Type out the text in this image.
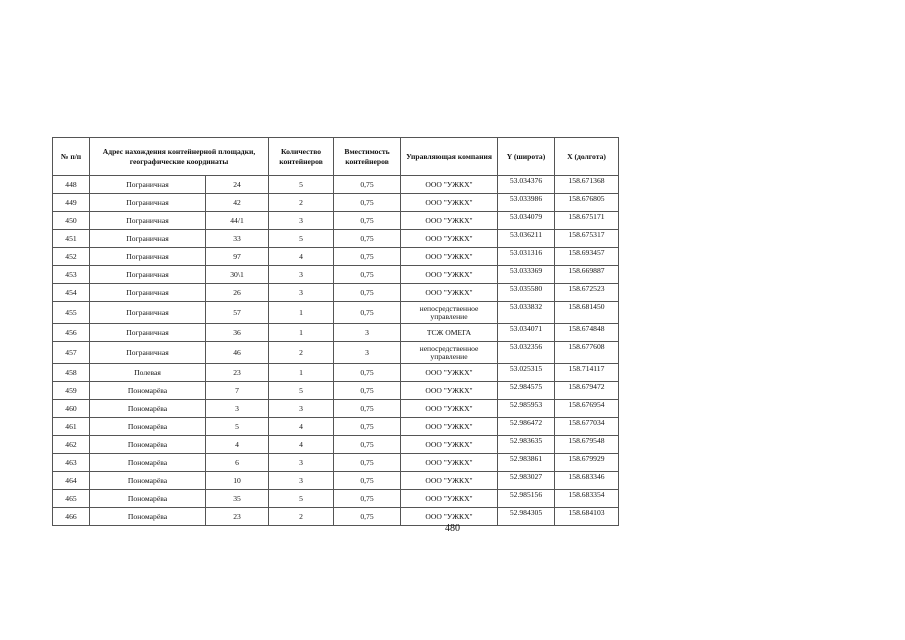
№ п/п	Адрес нахождения контейнерной площадки, географические координаты		Количество контейнеров	Вместимость контейнеров	Управляющая компания	Y (широта)	X (долгота)
448	Пограничная	24	5	0,75	ООО "УЖКХ"	53.034376	158.671368
449	Пограничная	42	2	0,75	ООО "УЖКХ"	53.033986	158.676805
450	Пограничная	44/1	3	0,75	ООО "УЖКХ"	53.034079	158.675171
451	Пограничная	33	5	0,75	ООО "УЖКХ"	53.036211	158.675317
452	Пограничная	97	4	0,75	ООО "УЖКХ"	53.031316	158.693457
453	Пограничная	30\1	3	0,75	ООО "УЖКХ"	53.033369	158.669887
454	Пограничная	26	3	0,75	ООО "УЖКХ"	53.035580	158.672523
455	Пограничная	57	1	0,75	непосредственное управление	53.033832	158.681450
456	Пограничная	36	1	3	ТСЖ ОМЕГА	53.034071	158.674848
457	Пограничная	46	2	3	непосредственное управление	53.032356	158.677608
458	Полевая	23	1	0,75	ООО "УЖКХ"	53.025315	158.714117
459	Пономарёва	7	5	0,75	ООО "УЖКХ"	52.984575	158.679472
460	Пономарёва	3	3	0,75	ООО "УЖКХ"	52.985953	158.676954
461	Пономарёва	5	4	0,75	ООО "УЖКХ"	52.986472	158.677034
462	Пономарёва	4	4	0,75	ООО "УЖКХ"	52.983635	158.679548
463	Пономарёва	6	3	0,75	ООО "УЖКХ"	52.983861	158.679929
464	Пономарёва	10	3	0,75	ООО "УЖКХ"	52.983027	158.683346
465	Пономарёва	35	5	0,75	ООО "УЖКХ"	52.985156	158.683354
466	Пономарёва	23	2	0,75	ООО "УЖКХ"	52.984305	158.684103
480
